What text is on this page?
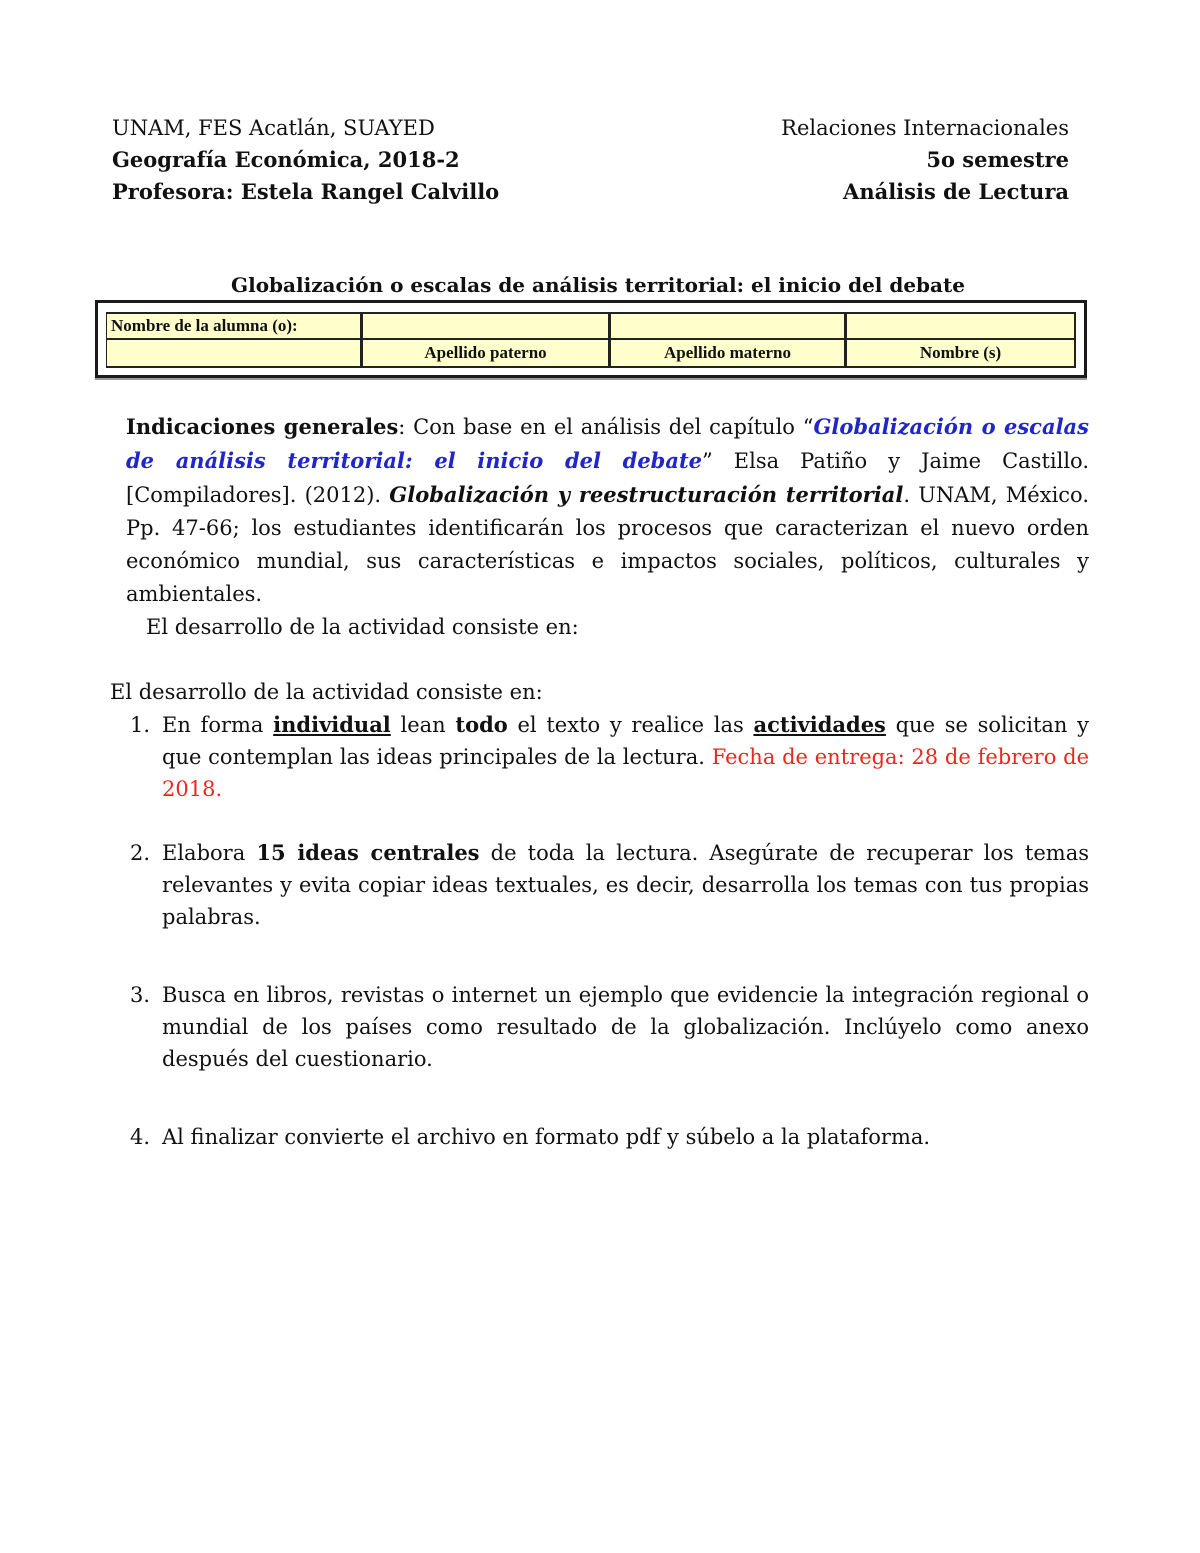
UNAM, FES Acatlán, SUAYED
Geografía Económica, 2018-2
Profesora: Estela Rangel Calvillo
Relaciones Internacionales
5o semestre
Análisis de Lectura
Globalización o escalas de análisis territorial: el inicio del debate
Nombre de la alumna (o):
Apellido paterno	Apellido materno	Nombre (s)

Indicaciones generales: Con base en el análisis del capítulo “Globalización o escalas de análisis territorial: el inicio del debate” Elsa Patiño y Jaime Castillo. [Compiladores]. (2012). Globalización y reestructuración territorial. UNAM, México. Pp. 47-66; los estudiantes identificarán los procesos que caracterizan el nuevo orden económico mundial, sus características e impactos sociales, políticos, culturales y ambientales.

El desarrollo de la actividad consiste en:
El desarrollo de la actividad consiste en:
1. En forma individual lean todo el texto y realice las actividades que se solicitan y que contemplan las ideas principales de la lectura. Fecha de entrega: 28 de febrero de 2018.
2. Elabora 15 ideas centrales de toda la lectura. Asegúrate de recuperar los temas relevantes y evita copiar ideas textuales, es decir, desarrolla los temas con tus propias palabras.
3. Busca en libros, revistas o internet un ejemplo que evidencie la integración regional o mundial de los países como resultado de la globalización. Inclúyelo como anexo después del cuestionario.
4. Al finalizar convierte el archivo en formato pdf y súbelo a la plataforma.
